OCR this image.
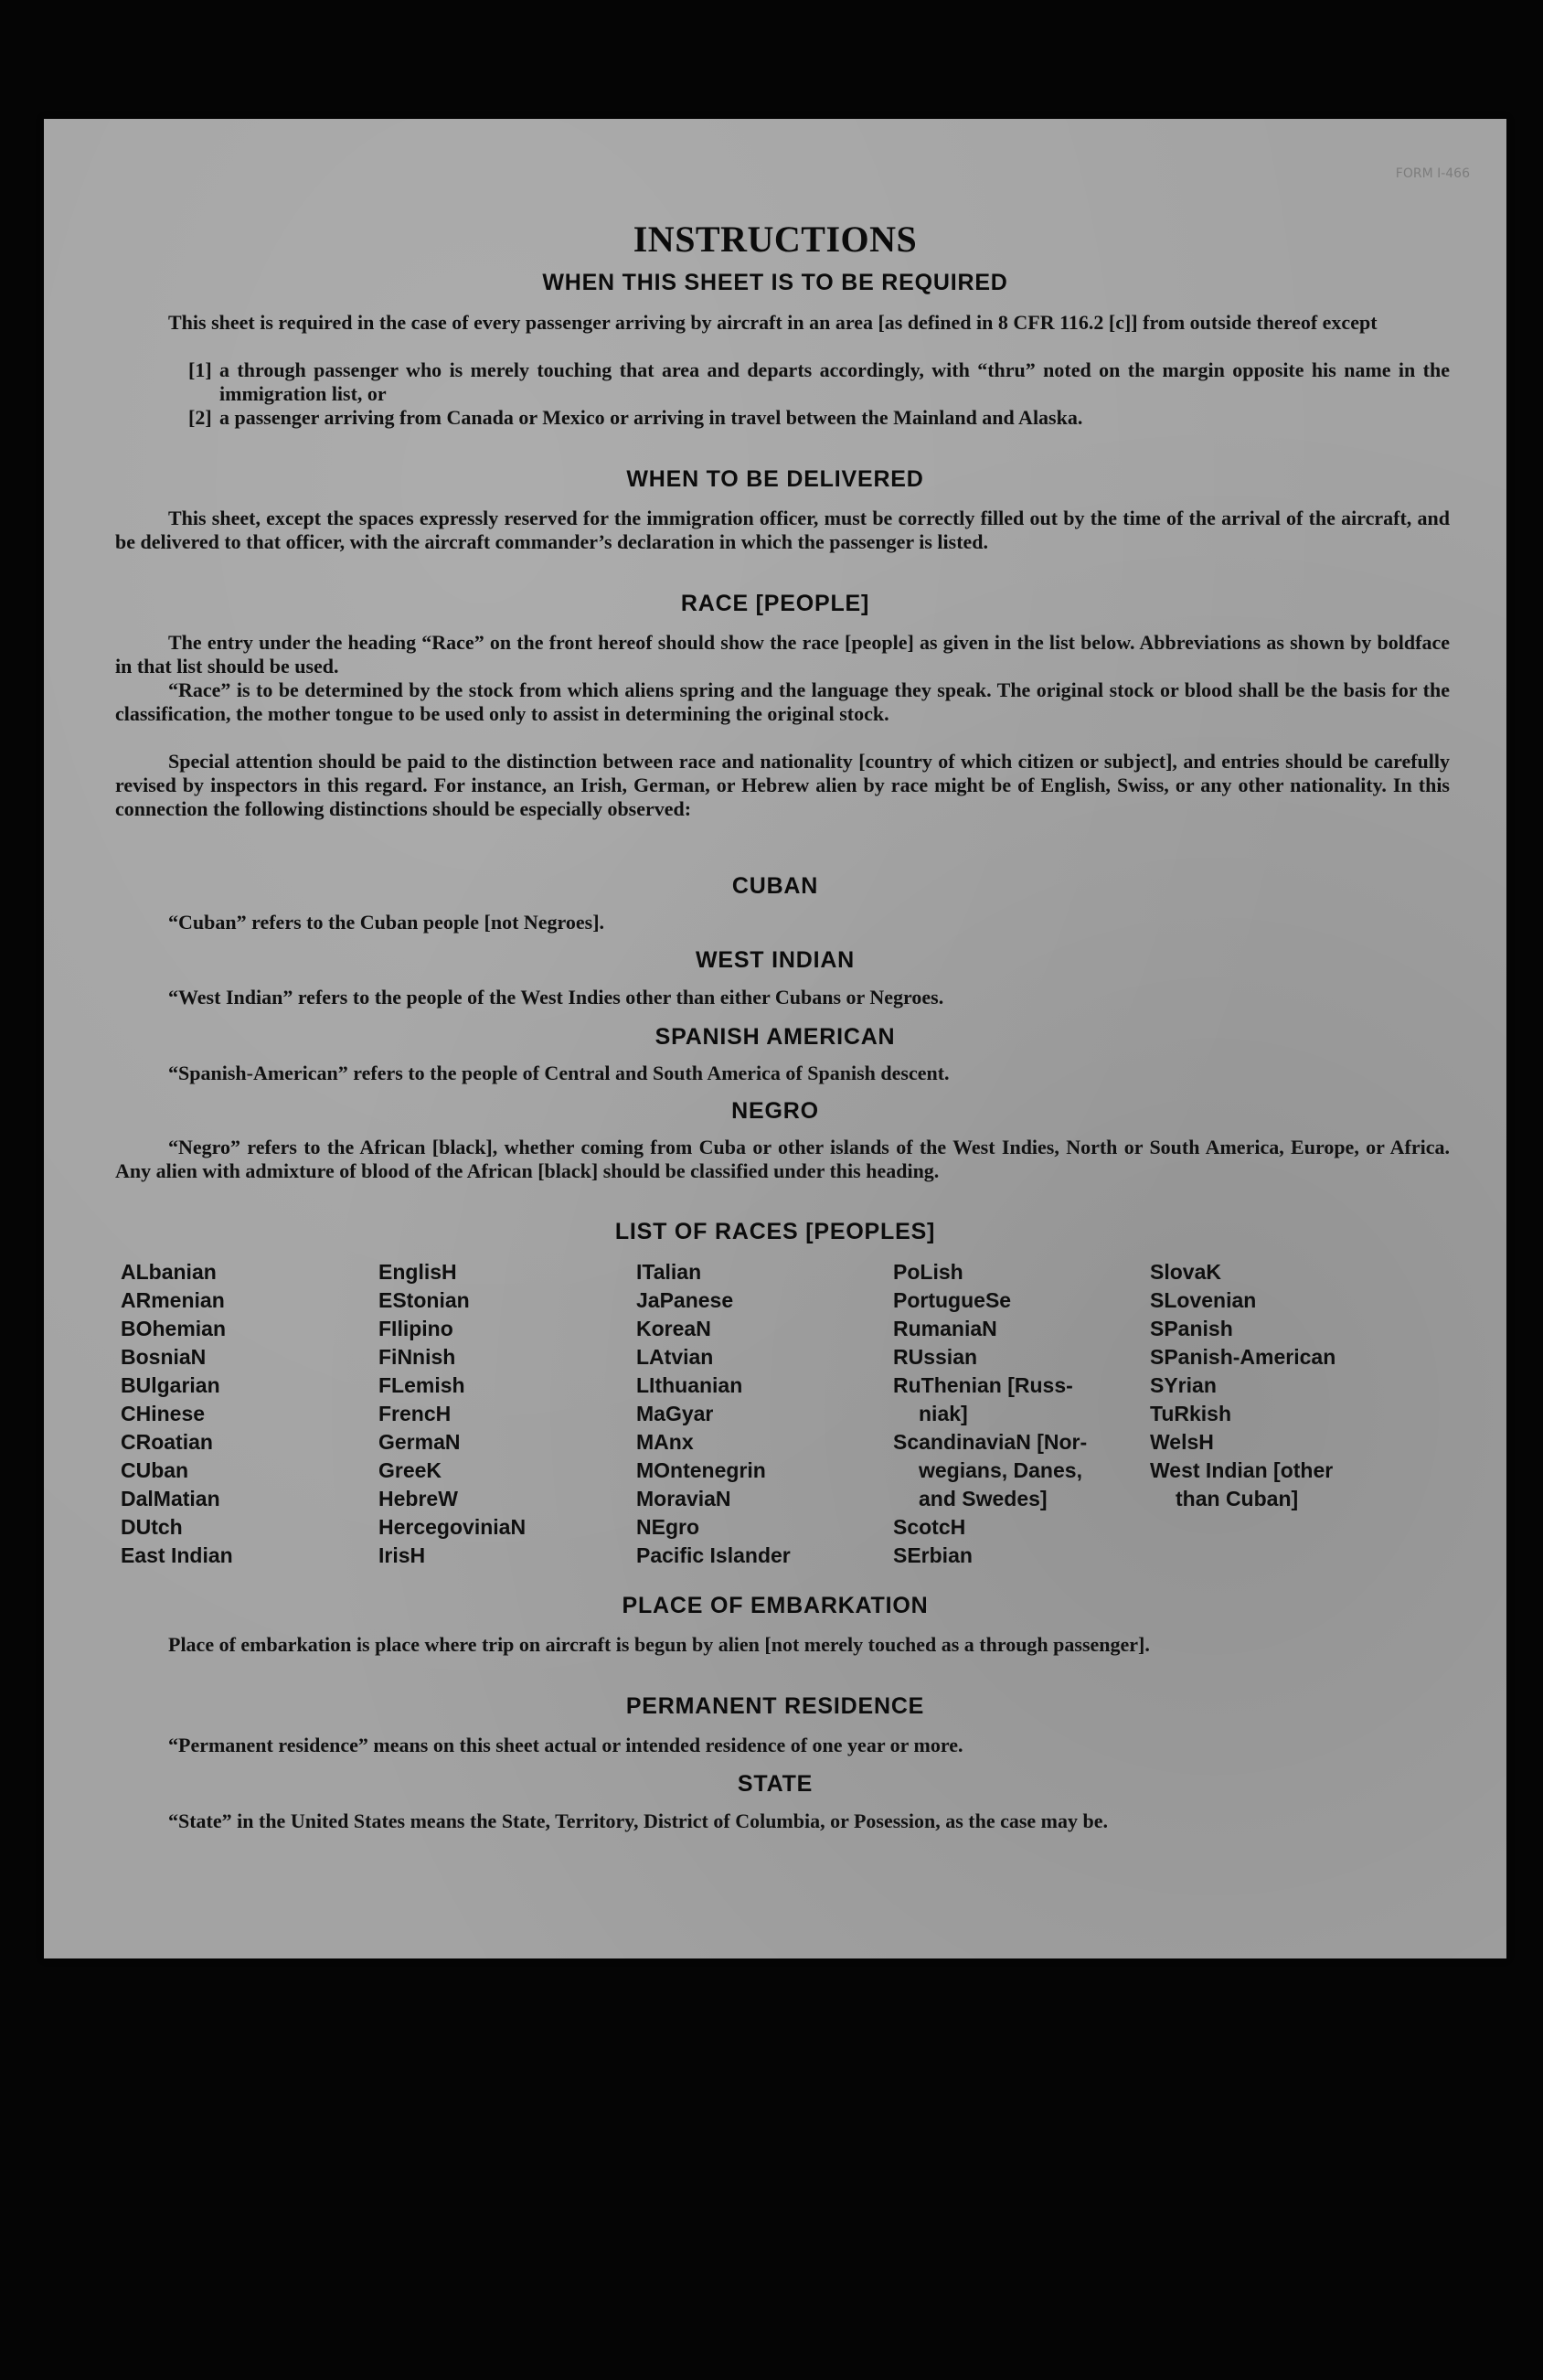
FORM I-466
INSTRUCTIONS
WHEN THIS SHEET IS TO BE REQUIRED
This sheet is required in the case of every passenger arriving by aircraft in an area [as defined in 8 CFR 116.2 [c]] from outside thereof except
[1] a through passenger who is merely touching that area and departs accordingly, with “thru” noted on the margin opposite his name in the immigration list, or
[2] a passenger arriving from Canada or Mexico or arriving in travel between the Mainland and Alaska.
WHEN TO BE DELIVERED
This sheet, except the spaces expressly reserved for the immigration officer, must be correctly filled out by the time of the arrival of the aircraft, and be delivered to that officer, with the aircraft commander’s declaration in which the passenger is listed.
RACE [PEOPLE]
The entry under the heading “Race” on the front hereof should show the race [people] as given in the list below. Abbreviations as shown by boldface in that list should be used.
“Race” is to be determined by the stock from which aliens spring and the language they speak. The original stock or blood shall be the basis for the classification, the mother tongue to be used only to assist in determining the original stock.
Special attention should be paid to the distinction between race and nationality [country of which citizen or subject], and entries should be carefully revised by inspectors in this regard. For instance, an Irish, German, or Hebrew alien by race might be of English, Swiss, or any other nationality. In this connection the following distinctions should be especially observed:
CUBAN
“Cuban” refers to the Cuban people [not Negroes].
WEST INDIAN
“West Indian” refers to the people of the West Indies other than either Cubans or Negroes.
SPANISH AMERICAN
“Spanish-American” refers to the people of Central and South America of Spanish descent.
NEGRO
“Negro” refers to the African [black], whether coming from Cuba or other islands of the West Indies, North or South America, Europe, or Africa. Any alien with admixture of blood of the African [black] should be classified under this heading.
LIST OF RACES [PEOPLES]
ALbanian
ARmenian
BOhemian
BosniaN
BUlgarian
CHinese
CRoatian
CUban
DalMatian
DUtch
East Indian
EnglisH
EStonian
FIlipino
FiNnish
FLemish
FrencH
GermaN
GreeK
HebreW
HercegoviniaN
IrisH
ITalian
JaPanese
KoreaN
LAtvian
LIthuanian
MaGyar
MAnx
MOntenegrin
MoraviaN
NEgro
Pacific Islander
PoLish
PortugueSe
RumaniaN
RUssian
RuThenian [Russ-
niak]
ScandinaviaN [Nor-
wegians, Danes,
and Swedes]
ScotcH
SErbian
SlovaK
SLovenian
SPanish
SPanish-American
SYrian
TuRkish
WelsH
West Indian [other
than Cuban]
PLACE OF EMBARKATION
Place of embarkation is place where trip on aircraft is begun by alien [not merely touched as a through passenger].
PERMANENT RESIDENCE
“Permanent residence” means on this sheet actual or intended residence of one year or more.
STATE
“State” in the United States means the State, Territory, District of Columbia, or Posession, as the case may be.
